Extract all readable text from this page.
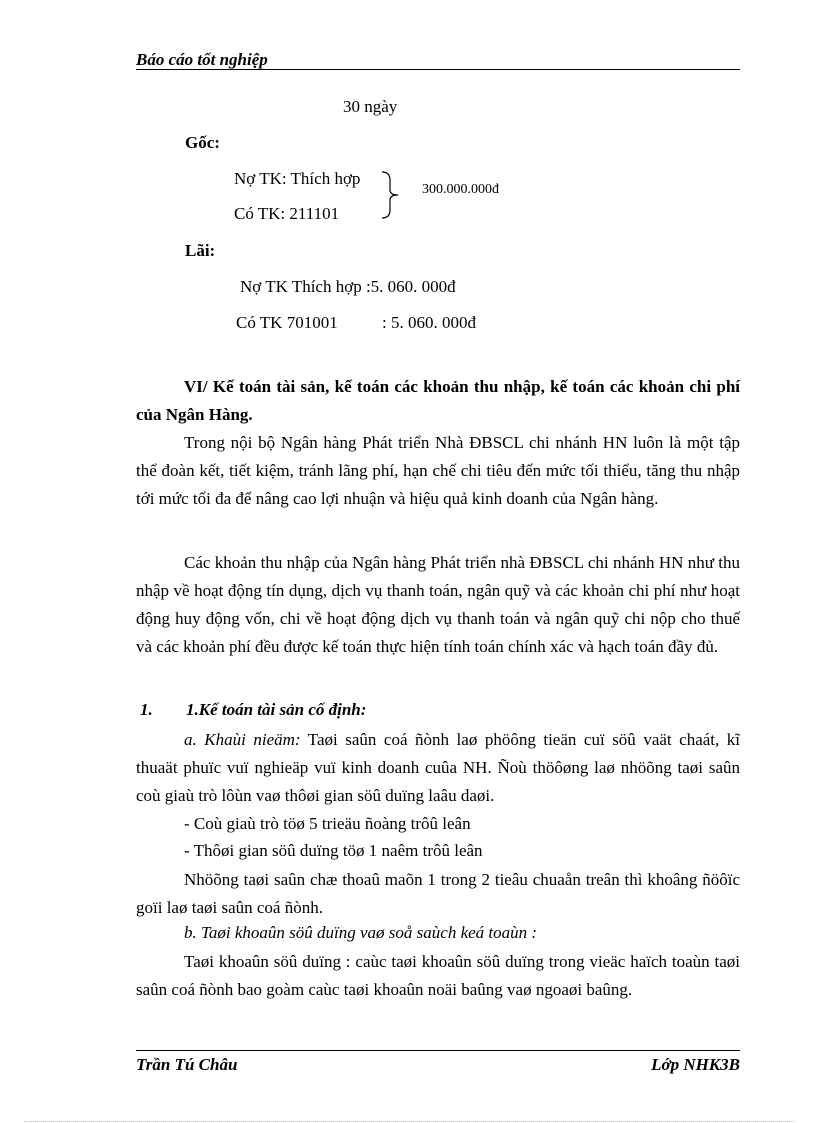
Báo cáo tốt nghiệp
30 ngày
Gốc:
Nợ TK: Thích hợp
Có TK: 211101
300.000.000đ
Lãi:
Nợ TK Thích hợp :5. 060. 000đ
Có TK 701001	: 5. 060. 000đ
VI/ Kế toán tài sản, kế toán các khoản thu nhập, kế toán các khoản chi phí của Ngân Hàng.
Trong nội bộ Ngân hàng Phát triển Nhà ĐBSCL chi nhánh HN luôn là một tập thể đoàn kết, tiết kiệm, tránh lãng phí, hạn chế chi tiêu đến mức tối thiểu, tăng thu nhập tới mức tối đa để nâng cao lợi nhuận và hiệu quả kinh doanh của Ngân hàng.
Các khoản thu nhập của Ngân hàng Phát triển nhà ĐBSCL chi nhánh HN như thu nhập về hoạt động tín dụng, dịch vụ thanh toán, ngân quỹ và các khoản chi phí như hoạt động huy động vốn, chi về hoạt động dịch vụ thanh toán và ngân quỹ chi nộp cho thuế và các khoản phí đều được kế toán thực hiện tính toán chính xác và hạch toán đầy đủ.
1. 1.Kế toán tài sản cố định:
a. Khaùi nieäm: Taøi saûn coá ñònh laø phöông tieän cuï söû vaät chaát, kĩ thuaät phuïc vuï nghieäp vuï kinh doanh cuûa NH. Ñoù thöôøng laø nhöõng taøi saûn coù giaù trò lôùn vaø thôøi gian söû duïng laâu daøi.
- Coù giaù trò töø 5 trieäu ñoàng trôû leân
- Thôøi gian söû duïng töø 1 naêm trôû leân
Nhöõng taøi saûn chæ thoaû maõn 1 trong 2 tieâu chuaån treân thì khoâng ñöôïc goïi laø taøi saûn coá ñònh.
b. Taøi khoaûn söû duïng vaø soå saùch keá toaùn :
Taøi khoaûn söû duïng : caùc taøi khoaûn söû duïng trong vieäc haïch toaùn taøi saûn coá ñònh bao goàm caùc taøi khoaûn noäi baûng vaø ngoaøi baûng.
Trần Tú Châu	Lớp NHK3B
